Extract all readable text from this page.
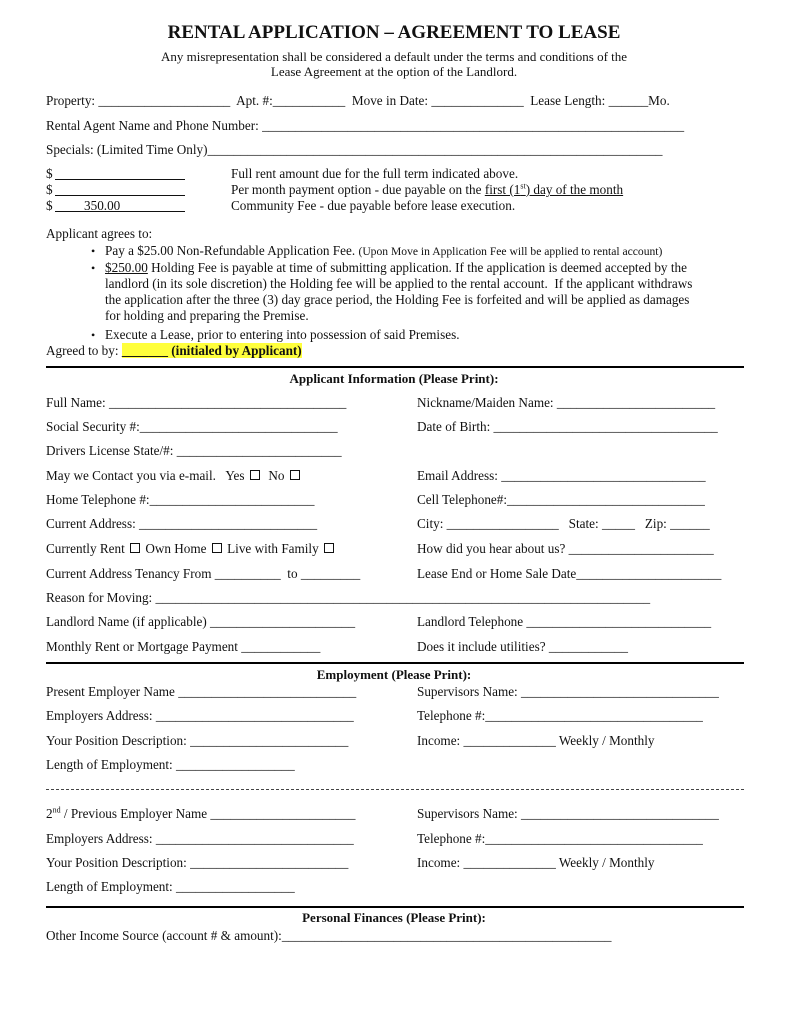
RENTAL APPLICATION – AGREEMENT TO LEASE
Any misrepresentation shall be considered a default under the terms and conditions of the
Lease Agreement at the option of the Landlord.
Property: ____________________  Apt. #:___________  Move in Date: ______________  Lease Length: ______Mo.
Rental Agent Name and Phone Number: ________________________________________________________________
Specials: (Limited Time Only)_____________________________________________________________________
$	Full rent amount due for the full term indicated above.
$	Per month payment option - due payable on the first (1st) day of the month
$ 350.00	Community Fee - due payable before lease execution.
Applicant agrees to:
• Pay a $25.00 Non-Refundable Application Fee. (Upon Move in Application Fee will be applied to rental account)
• $250.00 Holding Fee is payable at time of submitting application. If the application is deemed accepted by the
landlord (in its sole discretion) the Holding fee will be applied to the rental account.  If the applicant withdraws
the application after the three (3) day grace period, the Holding Fee is forfeited and will be applied as damages
for holding and preparing the Premise.
• Execute a Lease, prior to entering into possession of said Premises.
Agreed to by: _______ (initialed by Applicant)
Applicant Information (Please Print):
Full Name: ____________________________________	Nickname/Maiden Name: ________________________
Social Security #:______________________________	Date of Birth: __________________________________
Drivers License State/#: _________________________
May we Contact you via e-mail.   Yes   No	Email Address: _______________________________
Home Telephone #:_________________________	Cell Telephone#:______________________________
Current Address: ___________________________	City: _________________   State: _____   Zip: ______
Currently Rent  Own Home  Live with Family	How did you hear about us? ______________________
Current Address Tenancy From __________  to _________	Lease End or Home Sale Date______________________
Reason for Moving: ___________________________________________________________________________
Landlord Name (if applicable) ______________________	Landlord Telephone ____________________________
Monthly Rent or Mortgage Payment ____________	Does it include utilities? ____________
Employment (Please Print):
Present Employer Name ___________________________	Supervisors Name: ______________________________
Employers Address: ______________________________	Telephone #:_________________________________
Your Position Description: ________________________	Income: ______________ Weekly / Monthly
Length of Employment: __________________
2nd / Previous Employer Name ______________________	Supervisors Name: ______________________________
Employers Address: ______________________________	Telephone #:_________________________________
Your Position Description: ________________________	Income: ______________ Weekly / Monthly
Length of Employment: __________________
Personal Finances (Please Print):
Other Income Source (account # & amount):__________________________________________________
